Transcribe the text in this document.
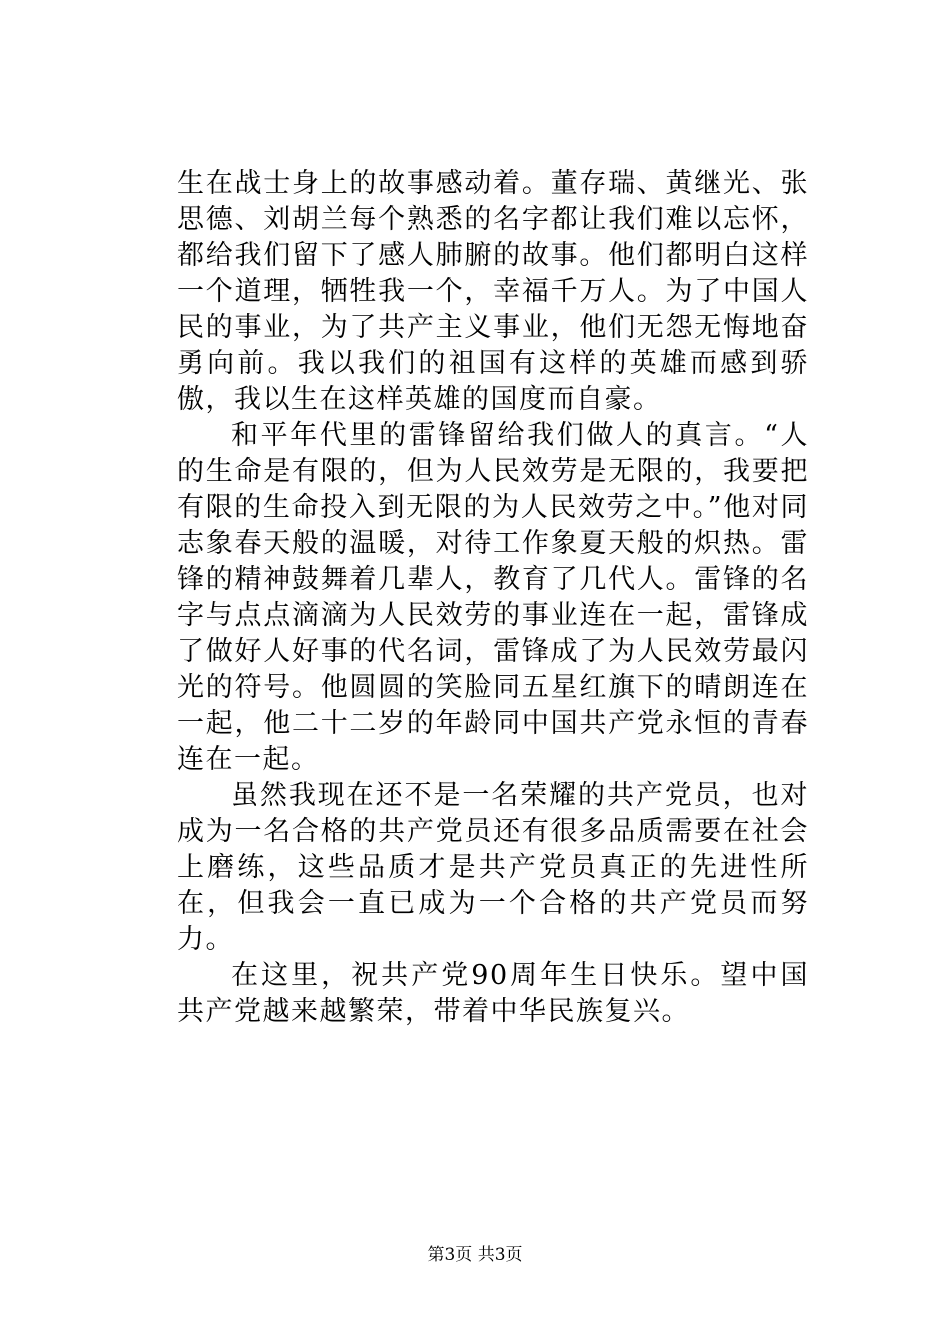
生在战士身上的故事感动着。董存瑞、黄继光、张思德、刘胡兰每个熟悉的名字都让我们难以忘怀，都给我们留下了感人肺腑的故事。他们都明白这样一个道理，牺牲我一个，幸福千万人。为了中国人民的事业，为了共产主义事业，他们无怨无悔地奋勇向前。我以我们的祖国有这样的英雄而感到骄傲，我以生在这样英雄的国度而自豪。

和平年代里的雷锋留给我们做人的真言。“人的生命是有限的，但为人民效劳是无限的，我要把有限的生命投入到无限的为人民效劳之中。”他对同志象春天般的温暖，对待工作象夏天般的炽热。雷锋的精神鼓舞着几辈人，教育了几代人。雷锋的名字与点点滴滴为人民效劳的事业连在一起，雷锋成了做好人好事的代名词，雷锋成了为人民效劳最闪光的符号。他圆圆的笑脸同五星红旗下的晴朗连在一起，他二十二岁的年龄同中国共产党永恒的青春连在一起。

虽然我现在还不是一名荣耀的共产党员，也对成为一名合格的共产党员还有很多品质需要在社会上磨练，这些品质才是共产党员真正的先进性所在，但我会一直已成为一个合格的共产党员而努力。

在这里，祝共产党90周年生日快乐。望中国共产党越来越繁荣，带着中华民族复兴。

第3页 共3页
